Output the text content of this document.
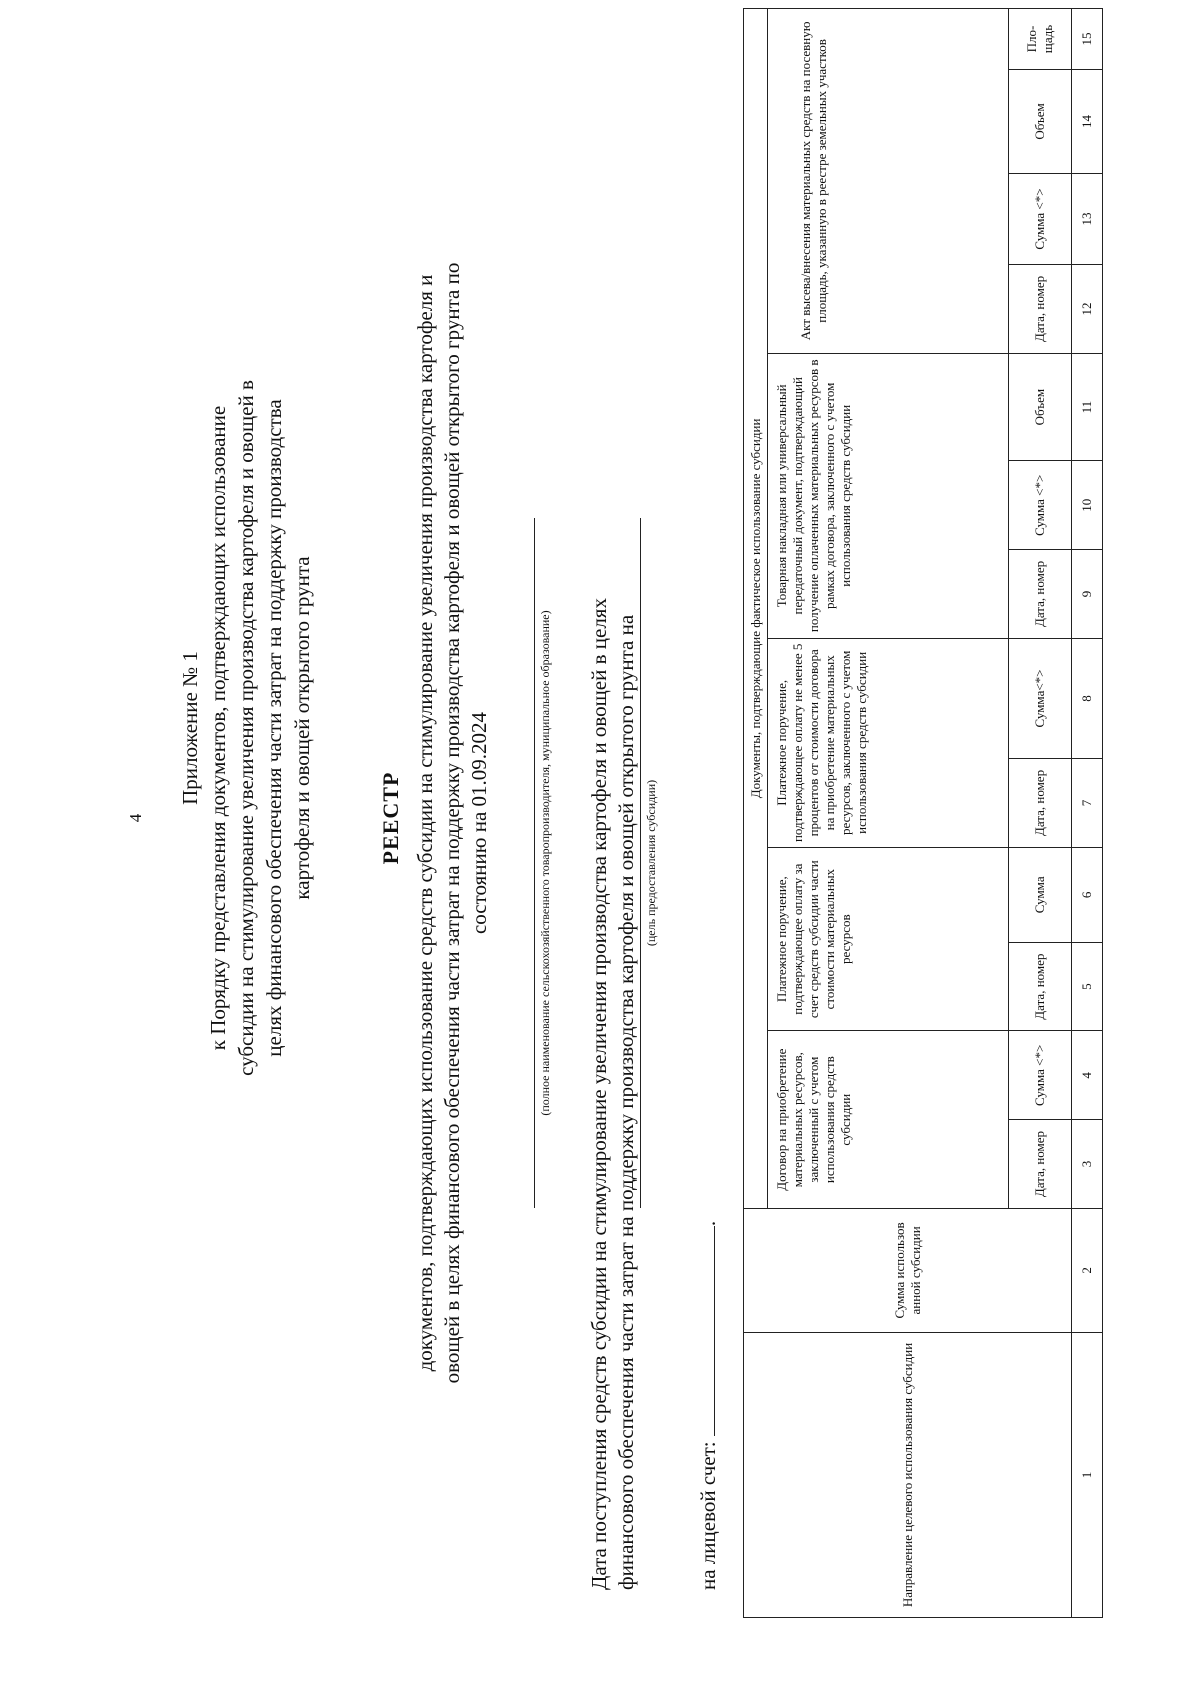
4
Приложение № 1 к Порядку представления документов, подтверждающих использование субсидии на стимулирование увеличения производства картофеля и овощей в целях финансового обеспечения части затрат на поддержку производства картофеля и овощей открытого грунта	РЕЕСТР документов, подтверждающих использование средств субсидии на стимулирование увеличения производства картофеля и овощей в целях финансового обеспечения части затрат на поддержку производства картофеля и овощей открытого грунта по состоянию на 01.09.2024	(полное наименование сельскохозяйственного товаропроизводителя, муниципальное образование) Дата поступления средств субсидии на стимулирование увеличения производства картофеля и овощей в целях финансового обеспечения части затрат на поддержку производства картофеля и овощей открытого грунта на (цель предоставления субсидии)
на лицевой счет: .
Направление целевого использования субсидии	Сумма использов анной субсидии	Документы, подтверждающие фактическое использование субсидии												
		Договор на приобретение материальных ресурсов, заключенный с учетом использования средств субсидии		Платежное поручение, подтверждающее оплату за счет средств субсидии части стоимости материальных ресурсов		Платежное поручение, подтверждающее оплату не менее 5 процентов от стоимости договора на приобретение материальных ресурсов, заключенного с учетом использования средств субсидии		Товарная накладная или универсальный передаточный документ, подтверждающий получение оплаченных материальных ресурсов в рамках договора, заключенного с учетом использования средств субсидии			Акт высева/внесения материальных средств на посевную площадь, указанную в реестре земельных участков			
		Дата, номер	Сумма <*>	Дата, номер	Сумма	Дата, номер	Сумма<*>	Дата, номер	Сумма <*>	Объем	Дата, номер	Сумма <*>	Объем	Пло-щадь
1	2	3	4	5	6	7	8	9	10	11	12	13	14	15
